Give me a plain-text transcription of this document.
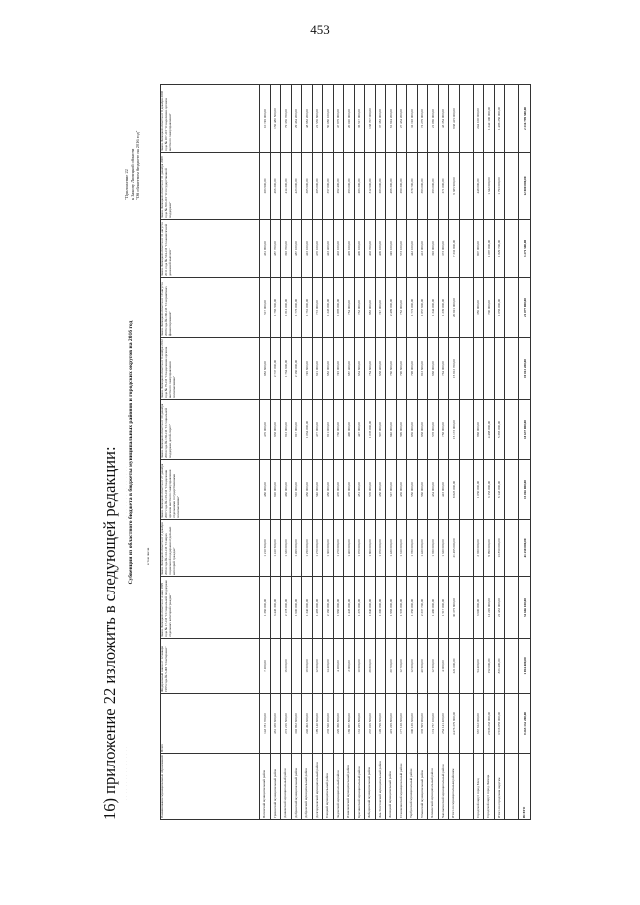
453
16) приложение 22 изложить в следующей редакции:
"Приложение 22
к Закону Липецкой области
"Об областном бюджете на 2016 год"
Субвенции из областного бюджета в бюджеты муниципальных районов и городских округов на 2016 год	в том числе
Наименование муниципальных образований	Всего	Федеральный закон от 12 января 1995 года № 5-ФЗ "О ветеранах"	Закон Липецкой области от 4 мая 1999 года № 17-ОЗ "О социальной поддержке отдельных категорий граждан"	Закон Липецкой области от 2 декабря 2004 года № 141-ОЗ "О мерах социальной поддержки отдельных категорий граждан"	Закон Липецкой области от 27 декабря 2007 года № 119-ОЗ "О наделении органов местного самоуправления отдельными государственными полномочиями"	Закон Липецкой области от 30 декабря 2004 года № 166-ОЗ "О социальной поддержке детей-сирот"	Закон Липецкой области от 8 ноября 2012 года № 79-ОЗ "О наделении органов местного самоуправления полномочиями"	Закон Липецкой области от 19 августа 2008 года № 180-ОЗ "О нормативах финансирования"	Закон Липецкой области от 31 августа 2011 года № 524-ОЗ "О ежемесячной денежной выплате"	Закон Липецкой области от 31 декабря 2009 года № 360-ОЗ "О государственной поддержке"	Закон Липецкой области от 8 декабря 2008 года № 207-ОЗ "О наделении органов местного самоуправления"	
Воловский муниципальный район	143 781 700,00	7 200,00	1 360 000,00	1 210 500,00	480 000,00	476 000,00	882 600,00	517 000,00	461 900,00	283 900,00	10 749 000,00	
Грязинский муниципальный район	461 339 600,00		3 446 300,00	1 410 500,00	920 000,00	938 000,00	2 737 000,00	1 766 500,00	487 700,00	466 200,00	156 480 500,00	
Данковский муниципальный район	272 216 500,00	16 000,00	2 178 000,00	1 330 000,00	460 000,00	913 000,00	1 764 600,00	1 812 000,00	392 700,00	414 300,00	79 336 700,00	
Добринский муниципальный район	302 962 600,00		1 600 000,00	1 499 000,00	510 000,00	817 000,00	2 160 000,00	1 776 000,00	487 100,00	423 000,00	29 464 200,00	
Добровский муниципальный район	246 492 300,00	19 600,00	1 340 000,00	1 250 000,00	450 000,00	1 064 000,00	749 600,00	1 761 000,00	423 100,00	385 600,00	48 982 200,00	
Долгоруковский муниципальный район	199 140 600,00	12 600,00	1 485 000,00	1 270 000,00	540 000,00	477 000,00	621 000,00	772 000,00	470 100,00	285 000,00	21 536 600,00	
Елецкий муниципальный район	235 520 200,00	14 400,00	2 160 000,00	1 300 000,00	450 000,00	811 000,00	682 000,00	1 245 000,00	423 400,00	357 000,00	50 080 100,00	
Задонский муниципальный район	226 360 800,00	4 200,00	1 960 000,00	1 270 000,00	470 000,00	730 000,00	745 000,00	1 895 000,00	403 100,00	292 400,00	47 879 000,00	
Измалковский муниципальный район	169 857 800,00	2 000,00	1 445 000,00	1 400 000,00	470 000,00	490 000,00	687 400,00	754 000,00	405 100,00	293 000,00	20 020 000,00	
Краснинский муниципальный район	131 225 800,00	10 600,00	1 270 000,00	1 070 000,00	451 000,00	427 000,00	634 600,00	732 000,00	406 100,00	283 300,00	36 517 000,00	
Лебедянский муниципальный район	237 016 500,00	28 800,00	1 840 000,00	1 800 000,00	570 000,00	1 035 000,00	754 600,00	983 000,00	402 700,00	312 600,00	138 707 000,00	
Лев-Толстовский муниципальный район	149 798 300,00		1 300 000,00	1 070 000,00	450 000,00	507 000,00	638 400,00	747 000,00	406 100,00	283 000,00	37 383 000,00	
Липецкий муниципальный район	419 229 800,00	20 700,00	1 966 000,00	1 430 000,00	527 000,00	940 000,00	760 600,00	2 499 000,00	349 100,00	496 300,00	61 924 200,00	
Становлянский муниципальный район	177 128 300,00	12 700,00	1 535 000,00	1 310 000,00	436 000,00	596 000,00	790 600,00	752 000,00	573 100,00	290 300,00	27 434 200,00	
Тербунский муниципальный район	300 129 300,00	12 600,00	1 350 000,00	1 780 000,00	550 000,00	836 000,00	798 000,00	1 772 000,00	442 100,00	378 700,00	32 192 000,00	
Усманский муниципальный район	335 595 900,00	40 500,00	2 337 700,00	1 420 000,00	560 000,00	938 000,00	813 600,00	1 857 600,00	413 000,00	393 000,00	72 279 000,00	
Хлевенский муниципальный район	174 757 100,00	12 500,00	1 480 000,00	1 350 000,00	434 000,00	578 000,00	668 000,00	1 344 000,00	392 000,00	293 000,00	21 066 000,00	
Чаплыгинский муниципальный район	254 141 400,00	4 000,00	1 517 000,00	1 320 000,00	423 000,00	758 000,00	764 000,00	1 239 000,00	373 000,00	271 000,00	43 354 000,00	
Итого по муниципальным районам	4 476 379 800,00	221 000,00	30 375 800,00	21 495 000,00	8 823 000,00	15 173 000,00	15 813 700,00	20 821 000,00	7 332 800,00	6 385 900,00	938 415 000,00	

Городской округ город Елец	667 612 000,00	54 400,00	3 600 000,00	2 350 000,00	1 050 000,00	968 000,00		356 000,00	807 000,00	448 000,00	244 100 000,00	
Городской округ город Липецк	2 936 233 000,00	152 000,00	12 226 000,00	9 990 000,00	3 153 000,00	4 498 000,00		700 000,00	1 097 000,00	1 342 000,00	1 242 100 000,00	
Итого по городским округам	3 516 855 000,00	833 400,00	21 433 000,00	13 850 000,00	6 143 000,00	5 365 000,00		1 056 000,00	1 829 700,00	1 793 000,00	1 486 250 000,00	

ВСЕГО	9 265 132 200,00	1 054 400,00	51 666 100,00	41 250 000,00	15 016 000,00	18 637 000,00	19 813 200,00	21 877 000,00	3 271 500,00	12 080 000,00	2 316 799 500,00	
. . . . . . . . . . . . . . . .
. . . . . . . . . . . . . . . .
